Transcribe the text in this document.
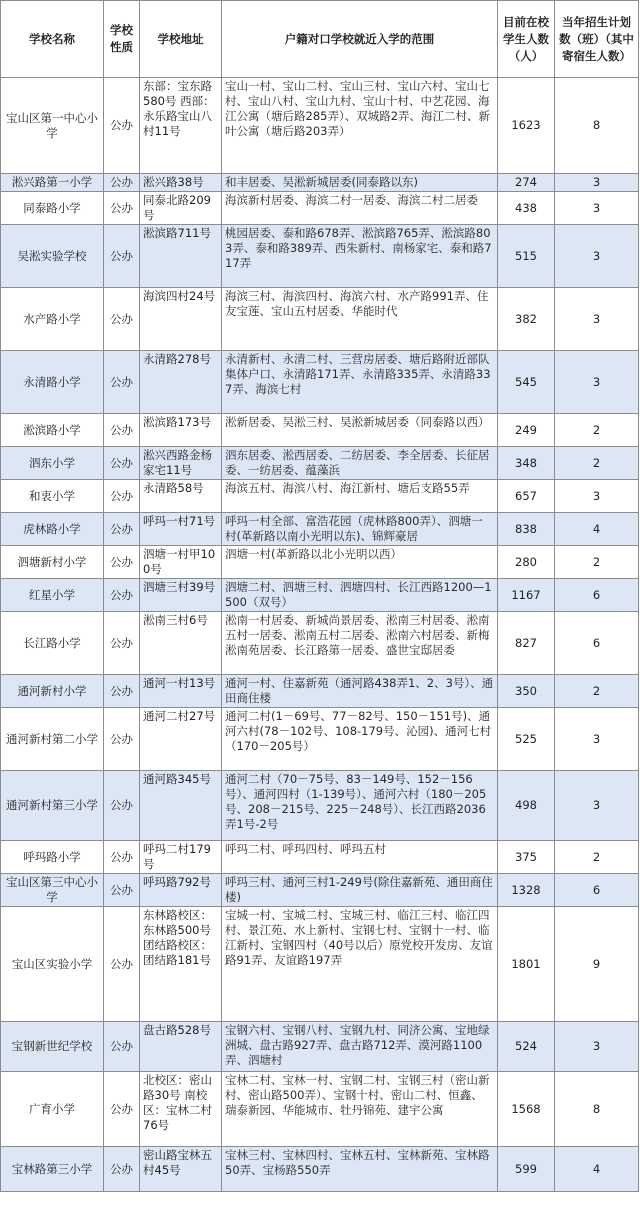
学校名称	学校性质	学校地址	户籍对口学校就近入学的范围	目前在校学生人数（人）	当年招生计划数（班）（其中寄宿生人数）
宝山区第一中心小学	公办	东部：宝东路580号 西部：永乐路宝山八村11号	宝山一村、宝山二村、宝山三村、宝山六村、宝山七村、宝山八村、宝山九村、宝山十村、中艺花园、海江公寓（塘后路285弄）、双城路2弄、海江二村、新叶公寓（塘后路203弄）	1623	8
淞兴路第一小学	公办	淞兴路38号	和丰居委、吴淞新城居委(同泰路以东)	274	3
同泰路小学	公办	同泰北路209号	海滨新村居委、海滨二村一居委、海滨二村二居委	438	3
吴淞实验学校	公办	淞滨路711号	桃园居委、泰和路678弄、淞滨路765弄、淞滨路803弄、泰和路389弄、西朱新村、南杨家宅、泰和路717弄	515	3
水产路小学	公办	海滨四村24号	海滨三村、海滨四村、海滨六村、水产路991弄、住友宝莲、宝山五村居委、华能时代	382	3
永清路小学	公办	永清路278号	永清新村、永清二村、三营房居委、塘后路附近部队集体户口、永清路171弄、永清路335弄、永清路337弄、海滨七村	545	3
淞滨路小学	公办	淞滨路173号	淞新居委、吴淞三村、吴淞新城居委（同泰路以西）	249	2
泗东小学	公办	淞兴西路金杨家宅11号	泗东居委、淞西居委、二纺居委、李全居委、长征居委、一纺居委、蕴藻浜	348	2
和衷小学	公办	永清路58号	海滨五村、海滨八村、海江新村、塘后支路55弄	657	3
虎林路小学	公办	呼玛一村71号	呼玛一村全部、富浩花园（虎林路800弄）、泗塘一村(革新路以南小光明以东)、锦辉豪居	838	4
泗塘新村小学	公办	泗塘一村甲100号	泗塘一村(革新路以北小光明以西）	280	2
红星小学	公办	泗塘三村39号	泗塘二村、泗塘三村、泗塘四村、长江西路1200—1500（双号）	1167	6
长江路小学	公办	淞南三村6号	淞南一村居委、新城尚景居委、淞南三村居委、淞南五村一居委、淞南五村二居委、淞南六村居委、新梅淞南苑居委、长江路第一居委、盛世宝邸居委	827	6
通河新村小学	公办	通河一村13号	通河一村、住嘉新苑（通河路438弄1、2、3号）、通田商住楼	350	2
通河新村第二小学	公办	通河二村27号	通河二村(1－69号、77－82号、150－151号)、通河六村(78－102号、108-179号、沁园)、通河七村（170－205号）	525	3
通河新村第三小学	公办	通河路345号	通河二村（70－75号、83－149号、152－156号）、通河四村（1-139号）、通河六村（180－205号、208－215号、225－248号）、长江西路2036弄1号-2号	498	3
呼玛路小学	公办	呼玛二村179号	呼玛二村、呼玛四村、呼玛五村	375	2
宝山区第三中心小学	公办	呼玛路792号	呼玛三村、通河三村1-249号(除住嘉新苑、通田商住楼)	1328	6
宝山区实验小学	公办	东林路校区：东林路500号 团结路校区：团结路181号	宝城一村、宝城二村、宝城三村、临江三村、临江四村、景江苑、水上新村、宝钢七村、宝钢十一村、临江新村、宝钢四村（40号以后）原党校开发房、友谊路91弄、友谊路197弄	1801	9
宝钢新世纪学校	公办	盘古路528号	宝钢六村、宝钢八村、宝钢九村、同济公寓、宝地绿洲城、盘古路927弄、盘古路712弄、漠河路1100弄、泗塘村	524	3
广育小学	公办	北校区：密山路30号 南校区：宝林二村76号	宝林二村、宝林一村、宝钢二村、宝钢三村（密山新村、密山路500弄）、宝钢十村、密山二村、恒鑫、瑞泰新园、华能城市、牡丹锦苑、建宇公寓	1568	8
宝林路第三小学	公办	密山路宝林五村45号	宝林三村、宝林四村、宝林五村、宝林新苑、宝林路50弄、宝杨路550弄	599	4
